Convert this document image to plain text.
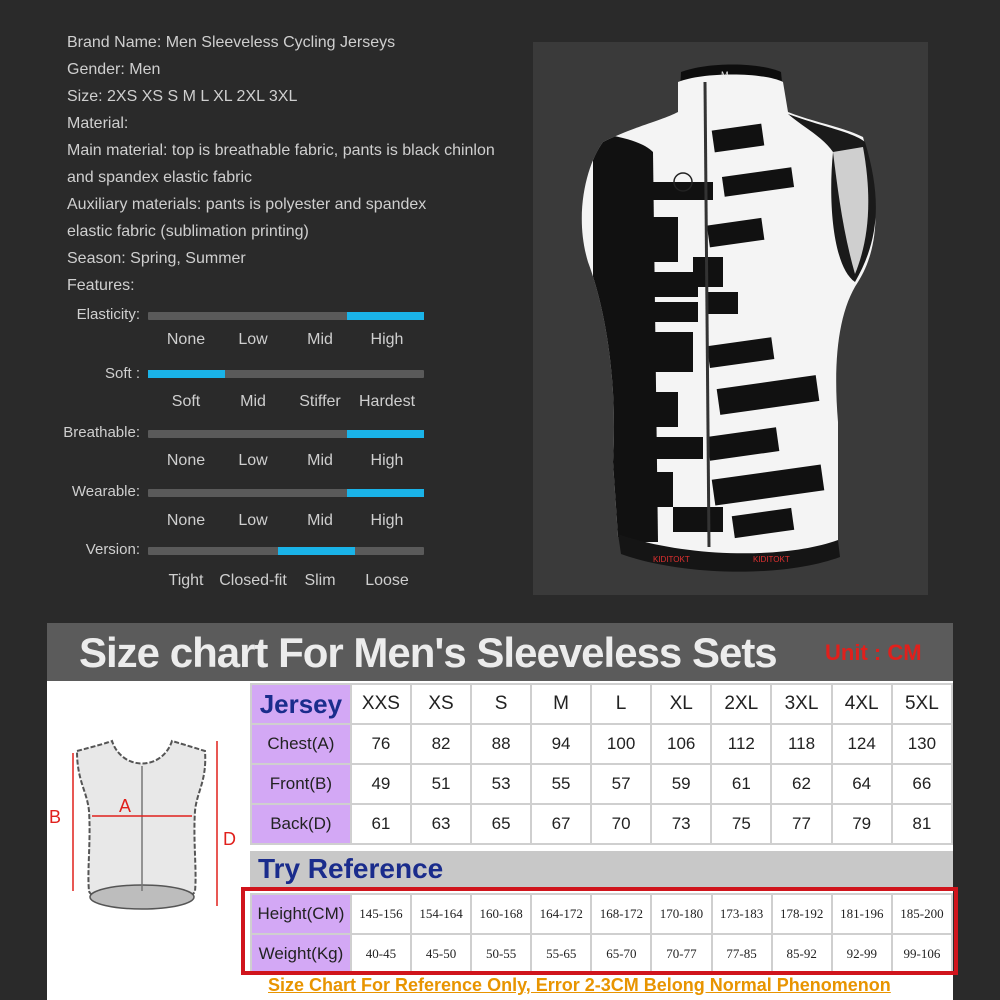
Brand Name: Men Sleeveless Cycling Jerseys
Gender: Men
Size: 2XS XS S M L XL 2XL 3XL
Material:
Main material: top is breathable fabric, pants is black chinlon
and spandex elastic fabric
Auxiliary materials: pants is polyester and spandex
elastic fabric (sublimation printing)
Season: Spring, Summer
Features:
Elasticity:
None Low Mid High
Soft :
Soft Mid Stiffer Hardest
Breathable:
None Low Mid High
Wearable:
None Low Mid High
Version:
Tight Closed-fit Slim Loose
KIDITOKT	KIDITOKT
M
Size chart For Men's Sleeveless Sets Unit : CM
A
B
D
Jersey	XXS	XS	S	M	L	XL	2XL	3XL	4XL	5XL
Chest(A)	76	82	88	94	100	106	112	118	124	130
Front(B)	49	51	53	55	57	59	61	62	64	66
Back(D)	61	63	65	67	70	73	75	77	79	81
Try Reference
Height(CM)	145-156	154-164	160-168	164-172	168-172	170-180	173-183	178-192	181-196	185-200
Weight(Kg)	40-45	45-50	50-55	55-65	65-70	70-77	77-85	85-92	92-99	99-106
Size Chart For Reference Only, Error 2-3CM Belong Normal Phenomenon
